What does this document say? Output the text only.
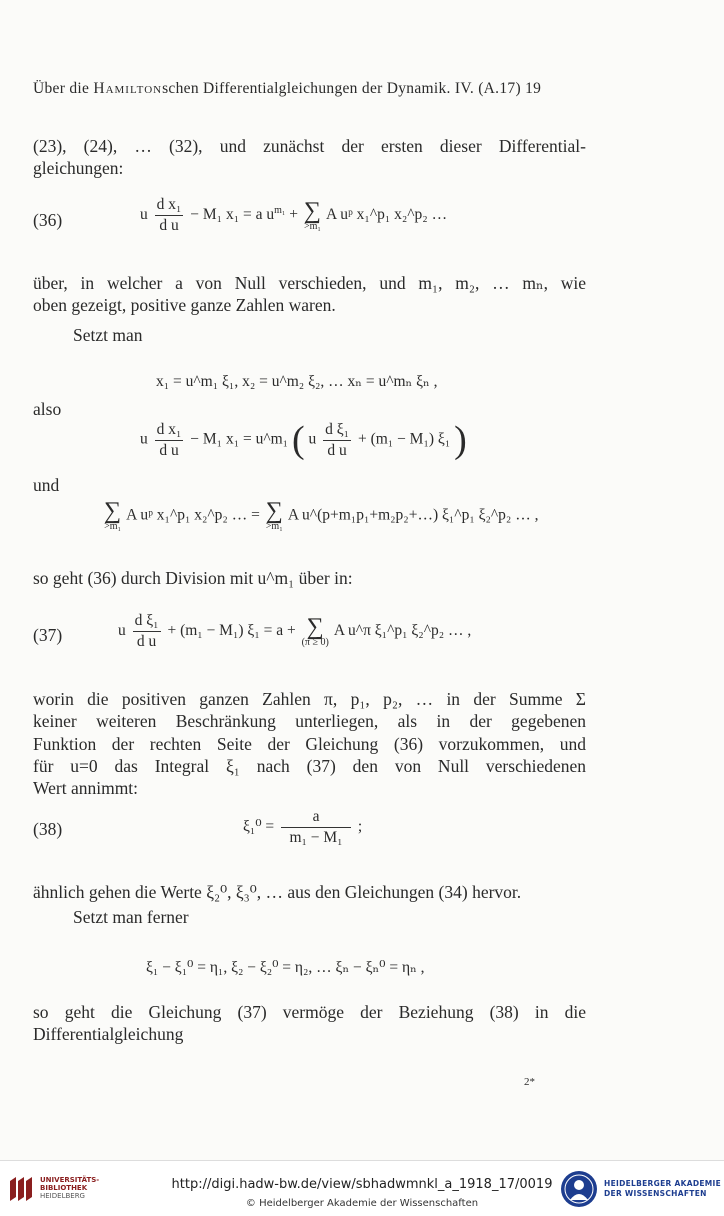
Über die Hamiltonschen Differentialgleichungen der Dynamik. IV. (A.17) 19
(23), (24), … (32), und zunächst der ersten dieser Differential-
gleichungen:
(36)	u $\frac{\text{d x₁}}{\text{d u}} - M_1$ x₁ = a $u^{m_1}$ + ∑
>m₁
A uᵖ x₁^p₁ x₂^p₂ …
über, in welcher a von Null verschieden, und m₁, m₂, … mₙ, wie
oben gezeigt, positive ganze Zahlen waren.
Setzt man
x₁ = u^m₁ ξ₁, x₂ = u^m₂ ξ₂, … xₙ = u^mₙ ξₙ ,
also
u $\frac{\text{d x₁}}{\text{d u}} - M_1$ x₁ = u^m₁ ( u $\frac{\text{d ξ₁}}{\text{d u}} + (m_1 - M_1)$ ξ₁ )
und
∑
>m₁
A uᵖ x₁^p₁ x₂^p₂ … = ∑
>m₁
A u^(p+m₁p₁+m₂p₂+…) ξ₁^p₁ ξ₂^p₂ … ,
so geht (36) durch Division mit u^m₁ über in:
(37)	u $\frac{\text{d ξ₁}}{\text{d u}} + (m_1 - M_1) \xi_1 = a$ + ∑
(π ≥ 0)
A u^π ξ₁^p₁ ξ₂^p₂ … ,
worin die positiven ganzen Zahlen π, p₁, p₂, … in der Summe Σ
keiner weiteren Beschränkung unterliegen, als in der gegebenen
Funktion der rechten Seite der Gleichung (36) vorzukommen, und
für u=0 das Integral ξ₁ nach (37) den von Null verschiedenen
Wert annimmt:
(38)	$\xi_1^0 = \frac{a}{\text{m₁ − M₁}}$ ;
ähnlich gehen die Werte ξ₂⁰, ξ₃⁰, … aus den Gleichungen (34) hervor.
Setzt man ferner
ξ₁ − ξ₁⁰ = η₁, ξ₂ − ξ₂⁰ = η₂, … ξₙ − ξₙ⁰ = ηₙ ,
so geht die Gleichung (37) vermöge der Beziehung (38) in die
Differentialgleichung
2*
UNIVERSITÄTS-
BIBLIOTHEK
HEIDELBERG
http://digi.hadw-bw.de/view/sbhadwmnkl_a_1918_17/0019
© Heidelberger Akademie der Wissenschaften
HEIDELBERGER AKADEMIE
DER WISSENSCHAFTEN
